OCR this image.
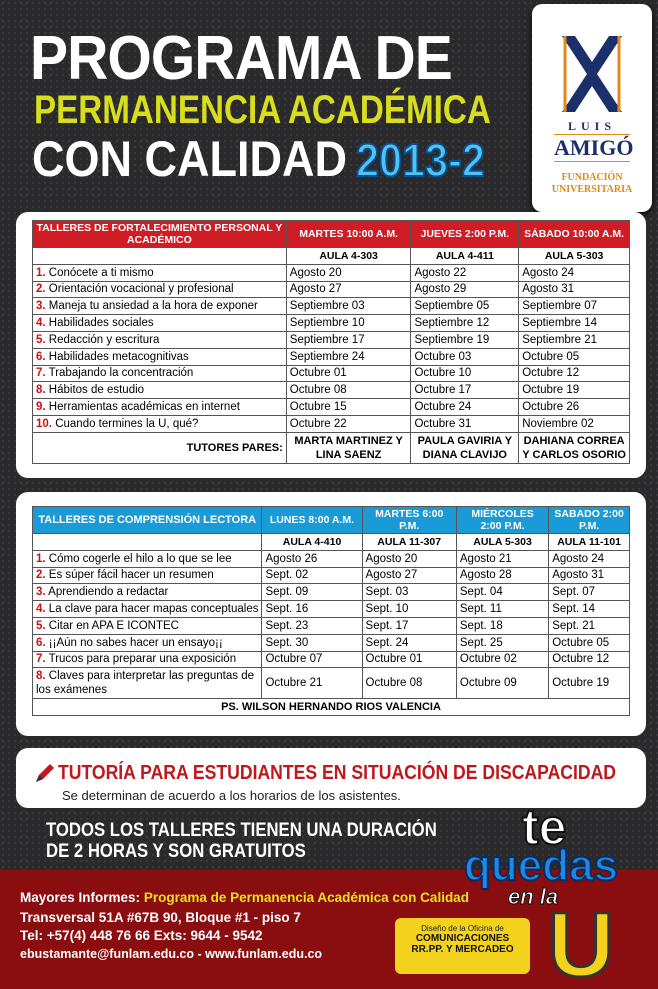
PROGRAMA DE
PERMANENCIA ACADÉMICA
CON CALIDAD 2013-2
LUIS
AMIGÓ
FUNDACIÓN
UNIVERSITARIA
TALLERES DE FORTALECIMIENTO PERSONAL Y ACADÉMICO	MARTES 10:00 A.M.	JUEVES 2:00 P.M.	SÁBADO 10:00 A.M.
	AULA 4-303	AULA 4-411	AULA 5-303
1. Conócete a ti mismo	Agosto 20	Agosto 22	Agosto 24
2. Orientación vocacional y profesional	Agosto 27	Agosto 29	Agosto 31
3. Maneja tu ansiedad a la hora de exponer	Septiembre 03	Septiembre 05	Septiembre 07
4. Habilidades sociales	Septiembre 10	Septiembre 12	Septiembre 14
5. Redacción y escritura	Septiembre 17	Septiembre 19	Septiembre 21
6. Habilidades metacognitivas	Septiembre 24	Octubre 03	Octubre 05
7. Trabajando la concentración	Octubre 01	Octubre 10	Octubre 12
8. Hábitos de estudio	Octubre 08	Octubre 17	Octubre 19
9. Herramientas académicas en internet	Octubre 15	Octubre 24	Octubre 26
10. Cuando termines la U, qué?	Octubre 22	Octubre 31	Noviembre 02
TUTORES PARES:	MARTA MARTINEZ Y LINA SAENZ	PAULA GAVIRIA Y DIANA CLAVIJO	DAHIANA CORREA Y CARLOS OSORIO
TALLERES DE COMPRENSIÓN LECTORA	LUNES 8:00 A.M.	MARTES 6:00 P.M.	MIÉRCOLES 2:00 P.M.	SABADO 2:00 P.M.
	AULA 4-410	AULA 11-307	AULA 5-303	AULA 11-101
1. Cómo cogerle el hilo a lo que se lee	Agosto 26	Agosto 20	Agosto 21	Agosto 24
2. Es súper fácil hacer un resumen	Sept. 02	Agosto 27	Agosto 28	Agosto 31
3. Aprendiendo a redactar	Sept. 09	Sept. 03	Sept. 04	Sept. 07
4. La clave para hacer mapas conceptuales	Sept. 16	Sept. 10	Sept. 11	Sept. 14
5. Citar en APA E ICONTEC	Sept. 23	Sept. 17	Sept. 18	Sept. 21
6. ¡¡Aún no sabes hacer un ensayo¡¡	Sept. 30	Sept. 24	Sept. 25	Octubre 05
7. Trucos para preparar una exposición	Octubre 07	Octubre 01	Octubre 02	Octubre 12
8. Claves para interpretar las preguntas de los exámenes	Octubre 21	Octubre 08	Octubre 09	Octubre 19
PS. WILSON HERNANDO RIOS VALENCIA				
TUTORÍA PARA ESTUDIANTES EN SITUACIÓN DE DISCAPACIDAD
Se determinan de acuerdo a los horarios de los asistentes.
TODOS LOS TALLERES TIENEN UNA DURACIÓN
DE 2 HORAS Y SON GRATUITOS
Mayores Informes: Programa de Permanencia Académica con Calidad
Transversal 51A #67B 90, Bloque #1 - piso 7
Tel: +57(4) 448 76 66 Exts: 9644 - 9542
ebustamante@funlam.edu.co - www.funlam.edu.co
Diseño de la Oficina de
COMUNICACIONES
RR.PP. Y MERCADEO
te
quedas
en la
U
